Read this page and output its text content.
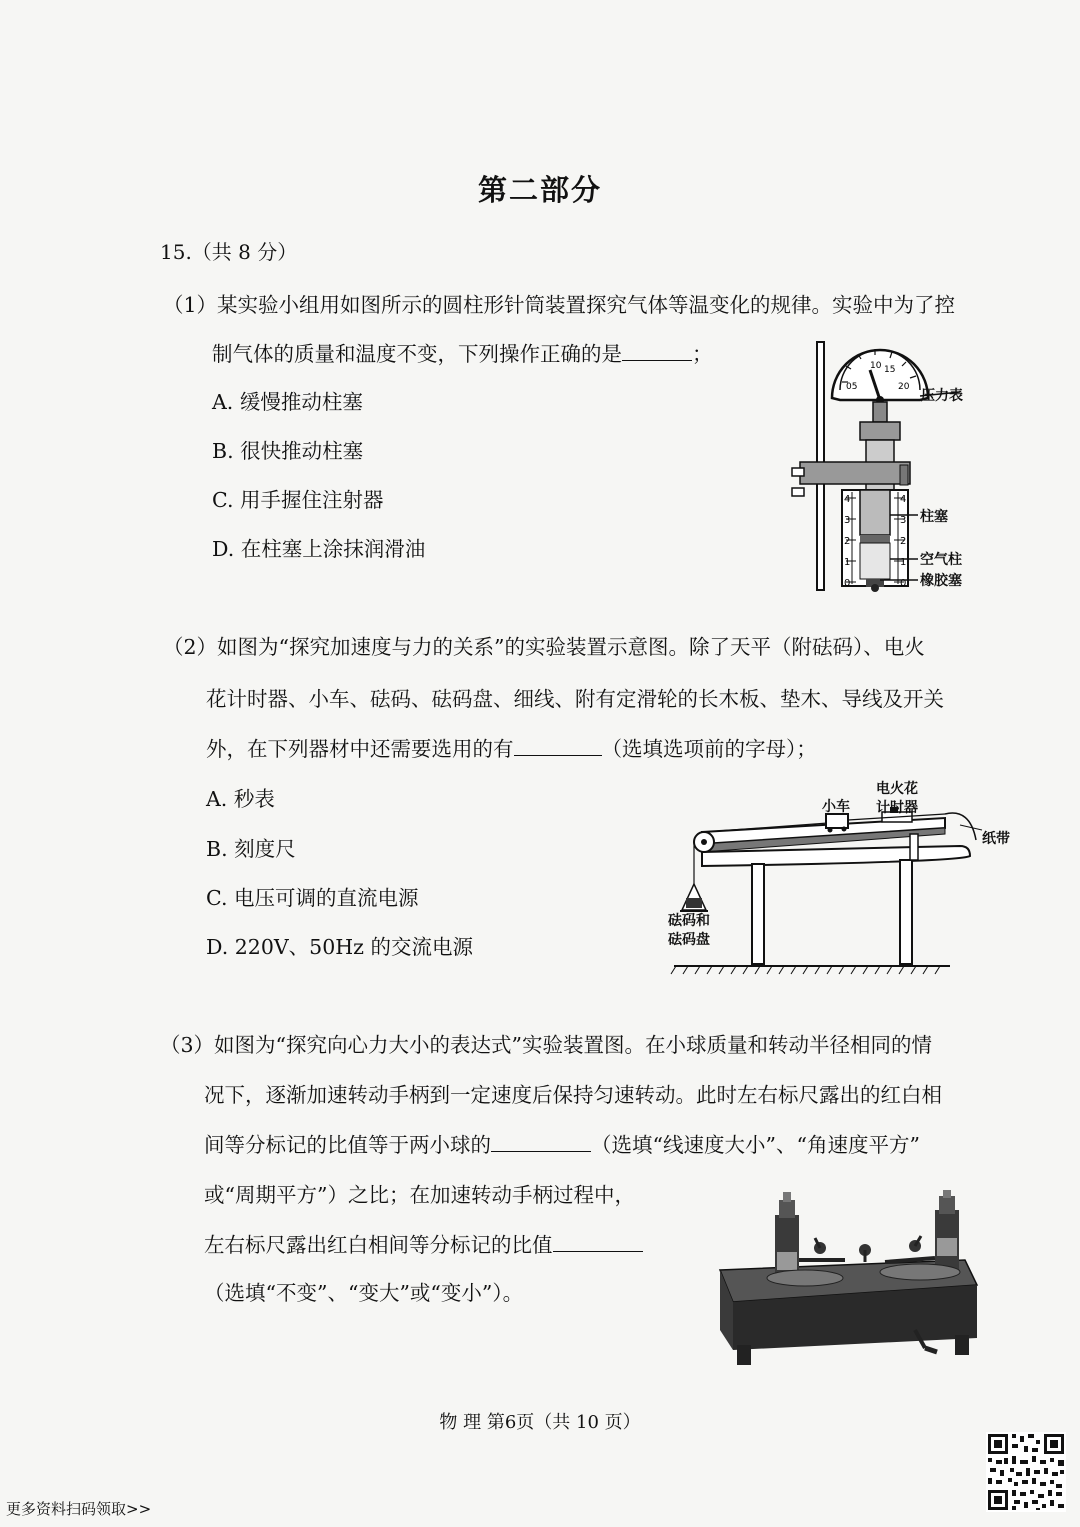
第二部分
15.（共 8 分）
（1）某实验小组用如图所示的圆柱形针筒装置探究气体等温变化的规律。实验中为了控
制气体的质量和温度不变，下列操作正确的是	；
A. 缓慢推动柱塞
B. 很快推动柱塞
C. 用手握住注射器
D. 在柱塞上涂抹润滑油
05
10 15
20
4
3
2
1
0
4
3
2
1
0
压力表
柱塞
空气柱
橡胶塞
（2）如图为“探究加速度与力的关系”的实验装置示意图。除了天平（附砝码）、电火
花计时器、小车、砝码、砝码盘、细线、附有定滑轮的长木板、垫木、导线及开关
外，在下列器材中还需要选用的有	（选填选项前的字母）；
A. 秒表
B. 刻度尺
C. 电压可调的直流电源
D. 220V、50Hz 的交流电源
小车
电火花
计时器
纸带
砝码和
砝码盘
（3）如图为“探究向心力大小的表达式”实验装置图。在小球质量和转动半径相同的情
况下，逐渐加速转动手柄到一定速度后保持匀速转动。此时左右标尺露出的红白相
间等分标记的比值等于两小球的	（选填“线速度大小”、“角速度平方”
或“周期平方”）之比；在加速转动手柄过程中，
左右标尺露出红白相间等分标记的比值
（选填“不变”、“变大”或“变小”）。
物 理 第6页（共 10 页）
更多资料扫码领取>>
